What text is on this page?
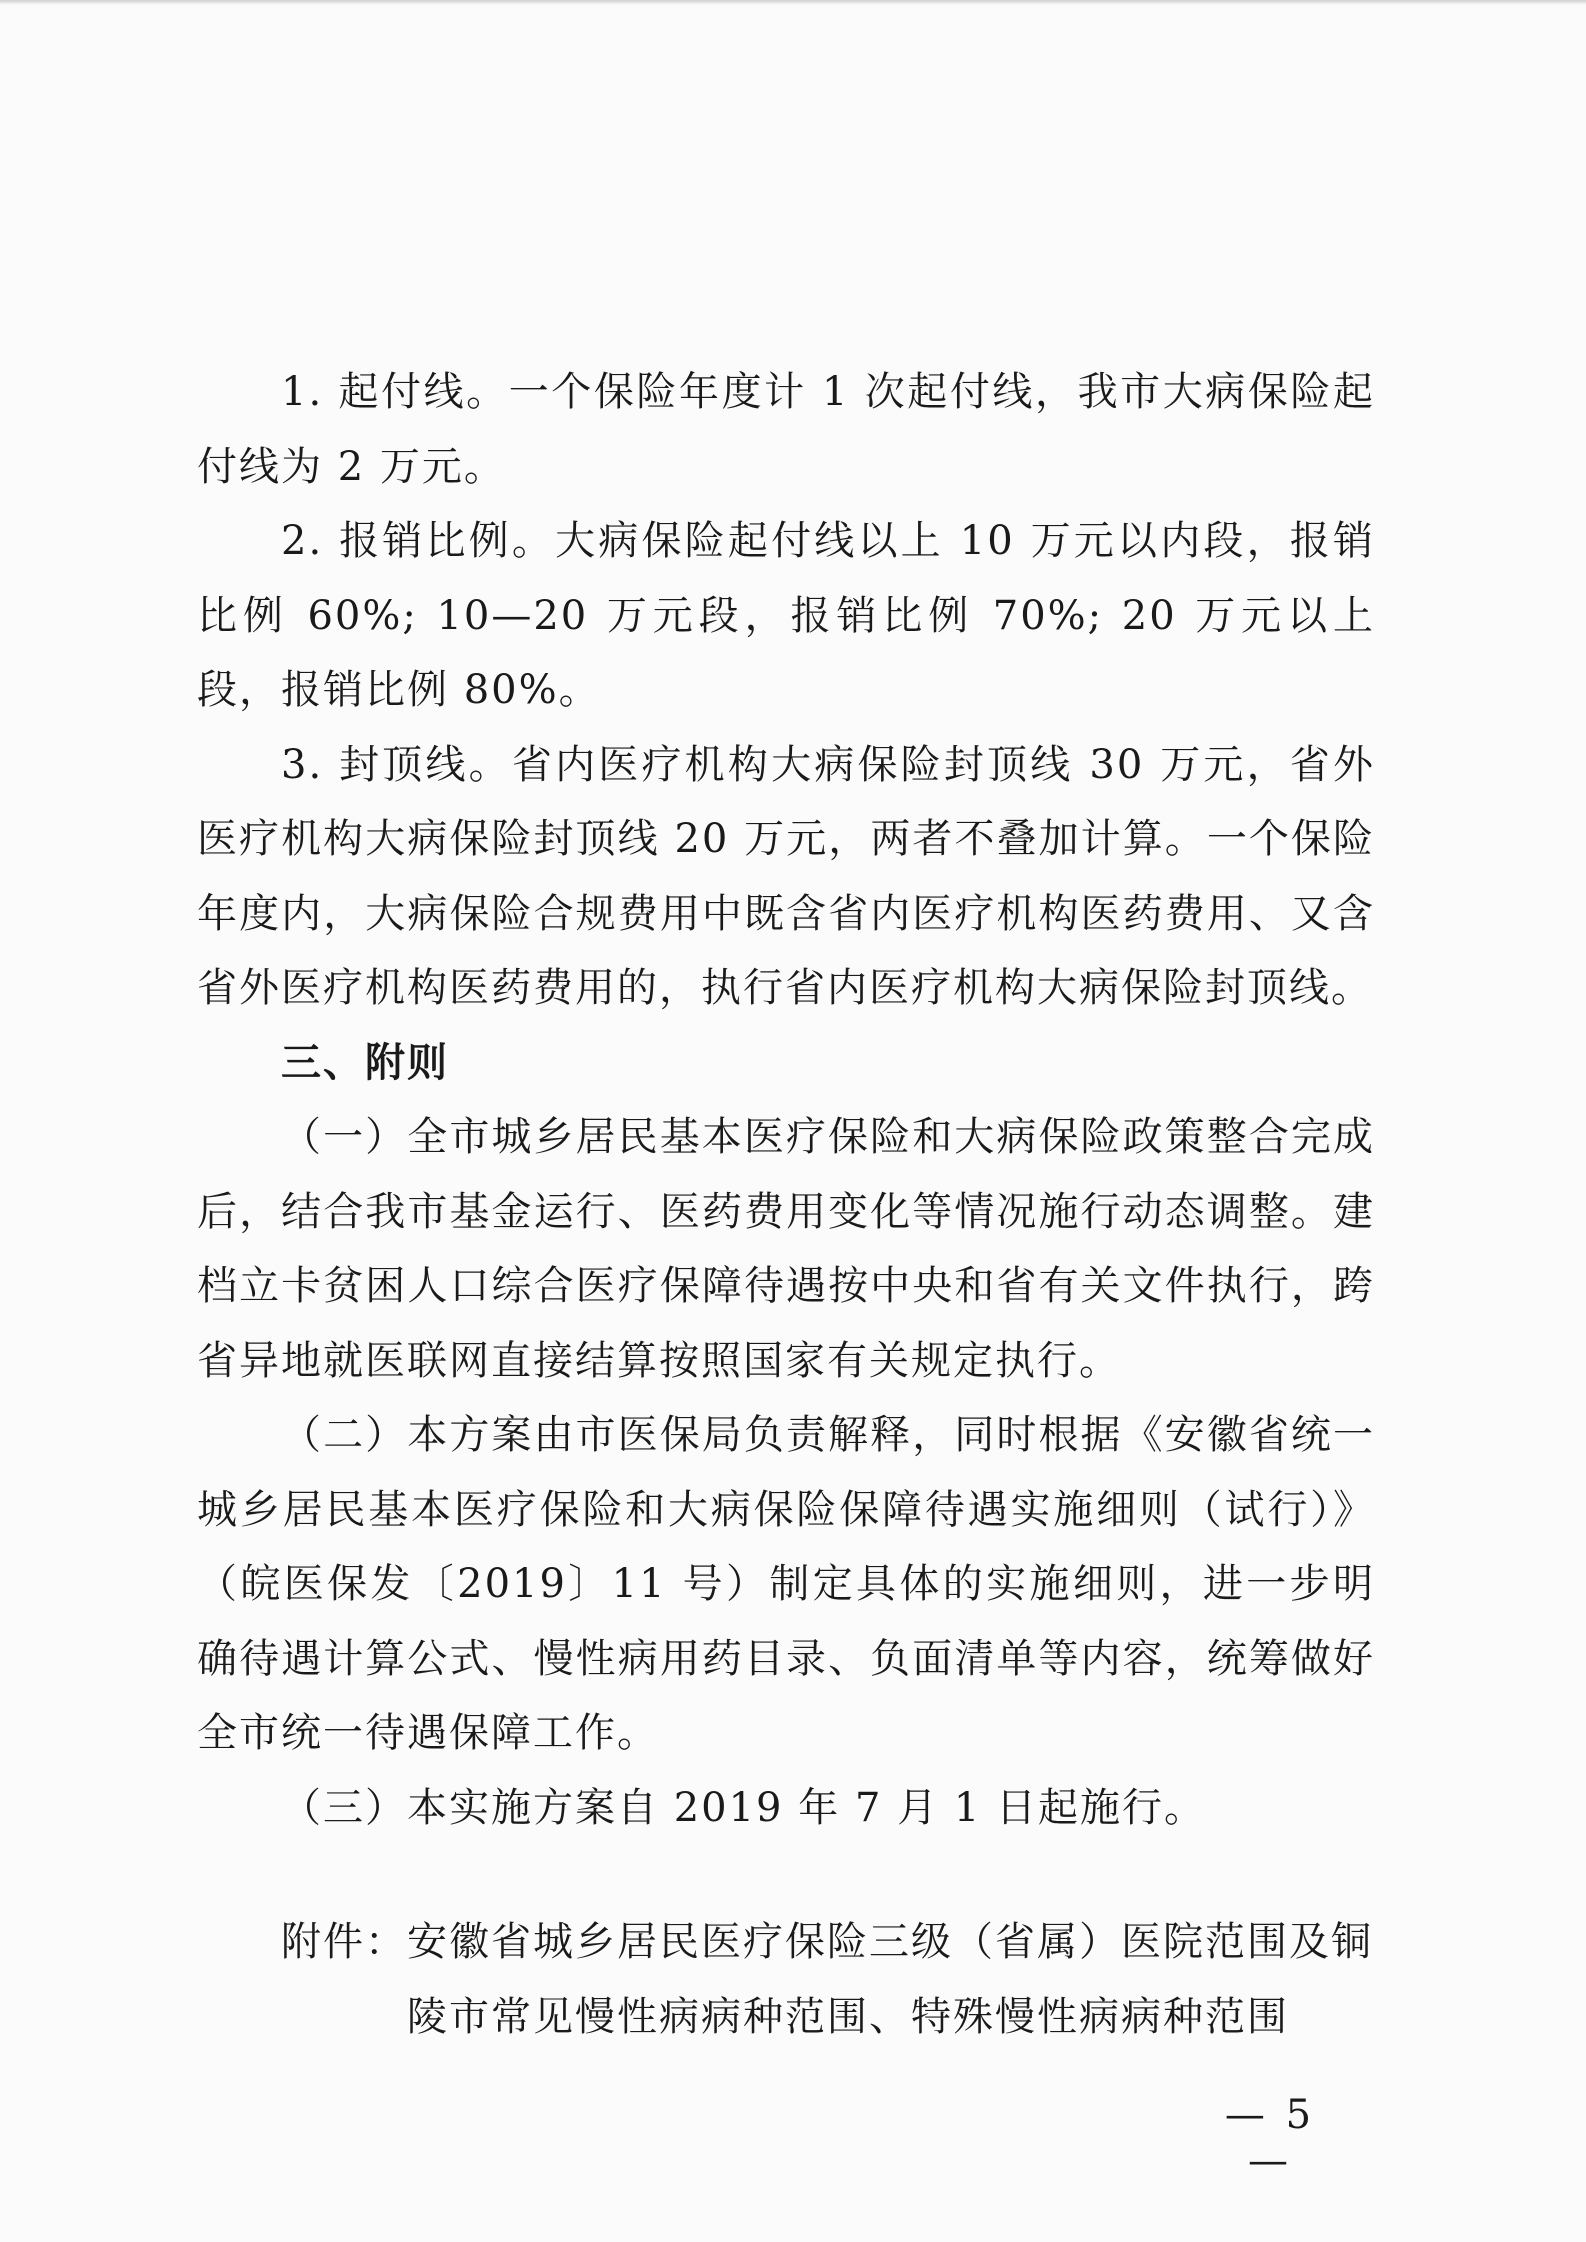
1. 起付线。一个保险年度计 1 次起付线，我市大病保险起付线为 2 万元。

2. 报销比例。大病保险起付线以上 10 万元以内段，报销比例 60%; 10—20 万元段，报销比例 70%; 20 万元以上段，报销比例 80%。

3. 封顶线。省内医疗机构大病保险封顶线 30 万元，省外医疗机构大病保险封顶线 20 万元，两者不叠加计算。一个保险年度内，大病保险合规费用中既含省内医疗机构医药费用、又含省外医疗机构医药费用的，执行省内医疗机构大病保险封顶线。

三、附则

（一）全市城乡居民基本医疗保险和大病保险政策整合完成后，结合我市基金运行、医药费用变化等情况施行动态调整。建档立卡贫困人口综合医疗保障待遇按中央和省有关文件执行，跨省异地就医联网直接结算按照国家有关规定执行。

（二）本方案由市医保局负责解释，同时根据《安徽省统一城乡居民基本医疗保险和大病保险保障待遇实施细则（试行）》（皖医保发〔2019〕11 号）制定具体的实施细则，进一步明确待遇计算公式、慢性病用药目录、负面清单等内容，统筹做好全市统一待遇保障工作。

（三）本实施方案自 2019 年 7 月 1 日起施行。

附件： 安徽省城乡居民医疗保险三级（省属）医院范围及铜陵市常见慢性病病种范围、特殊慢性病病种范围
— 5 —
